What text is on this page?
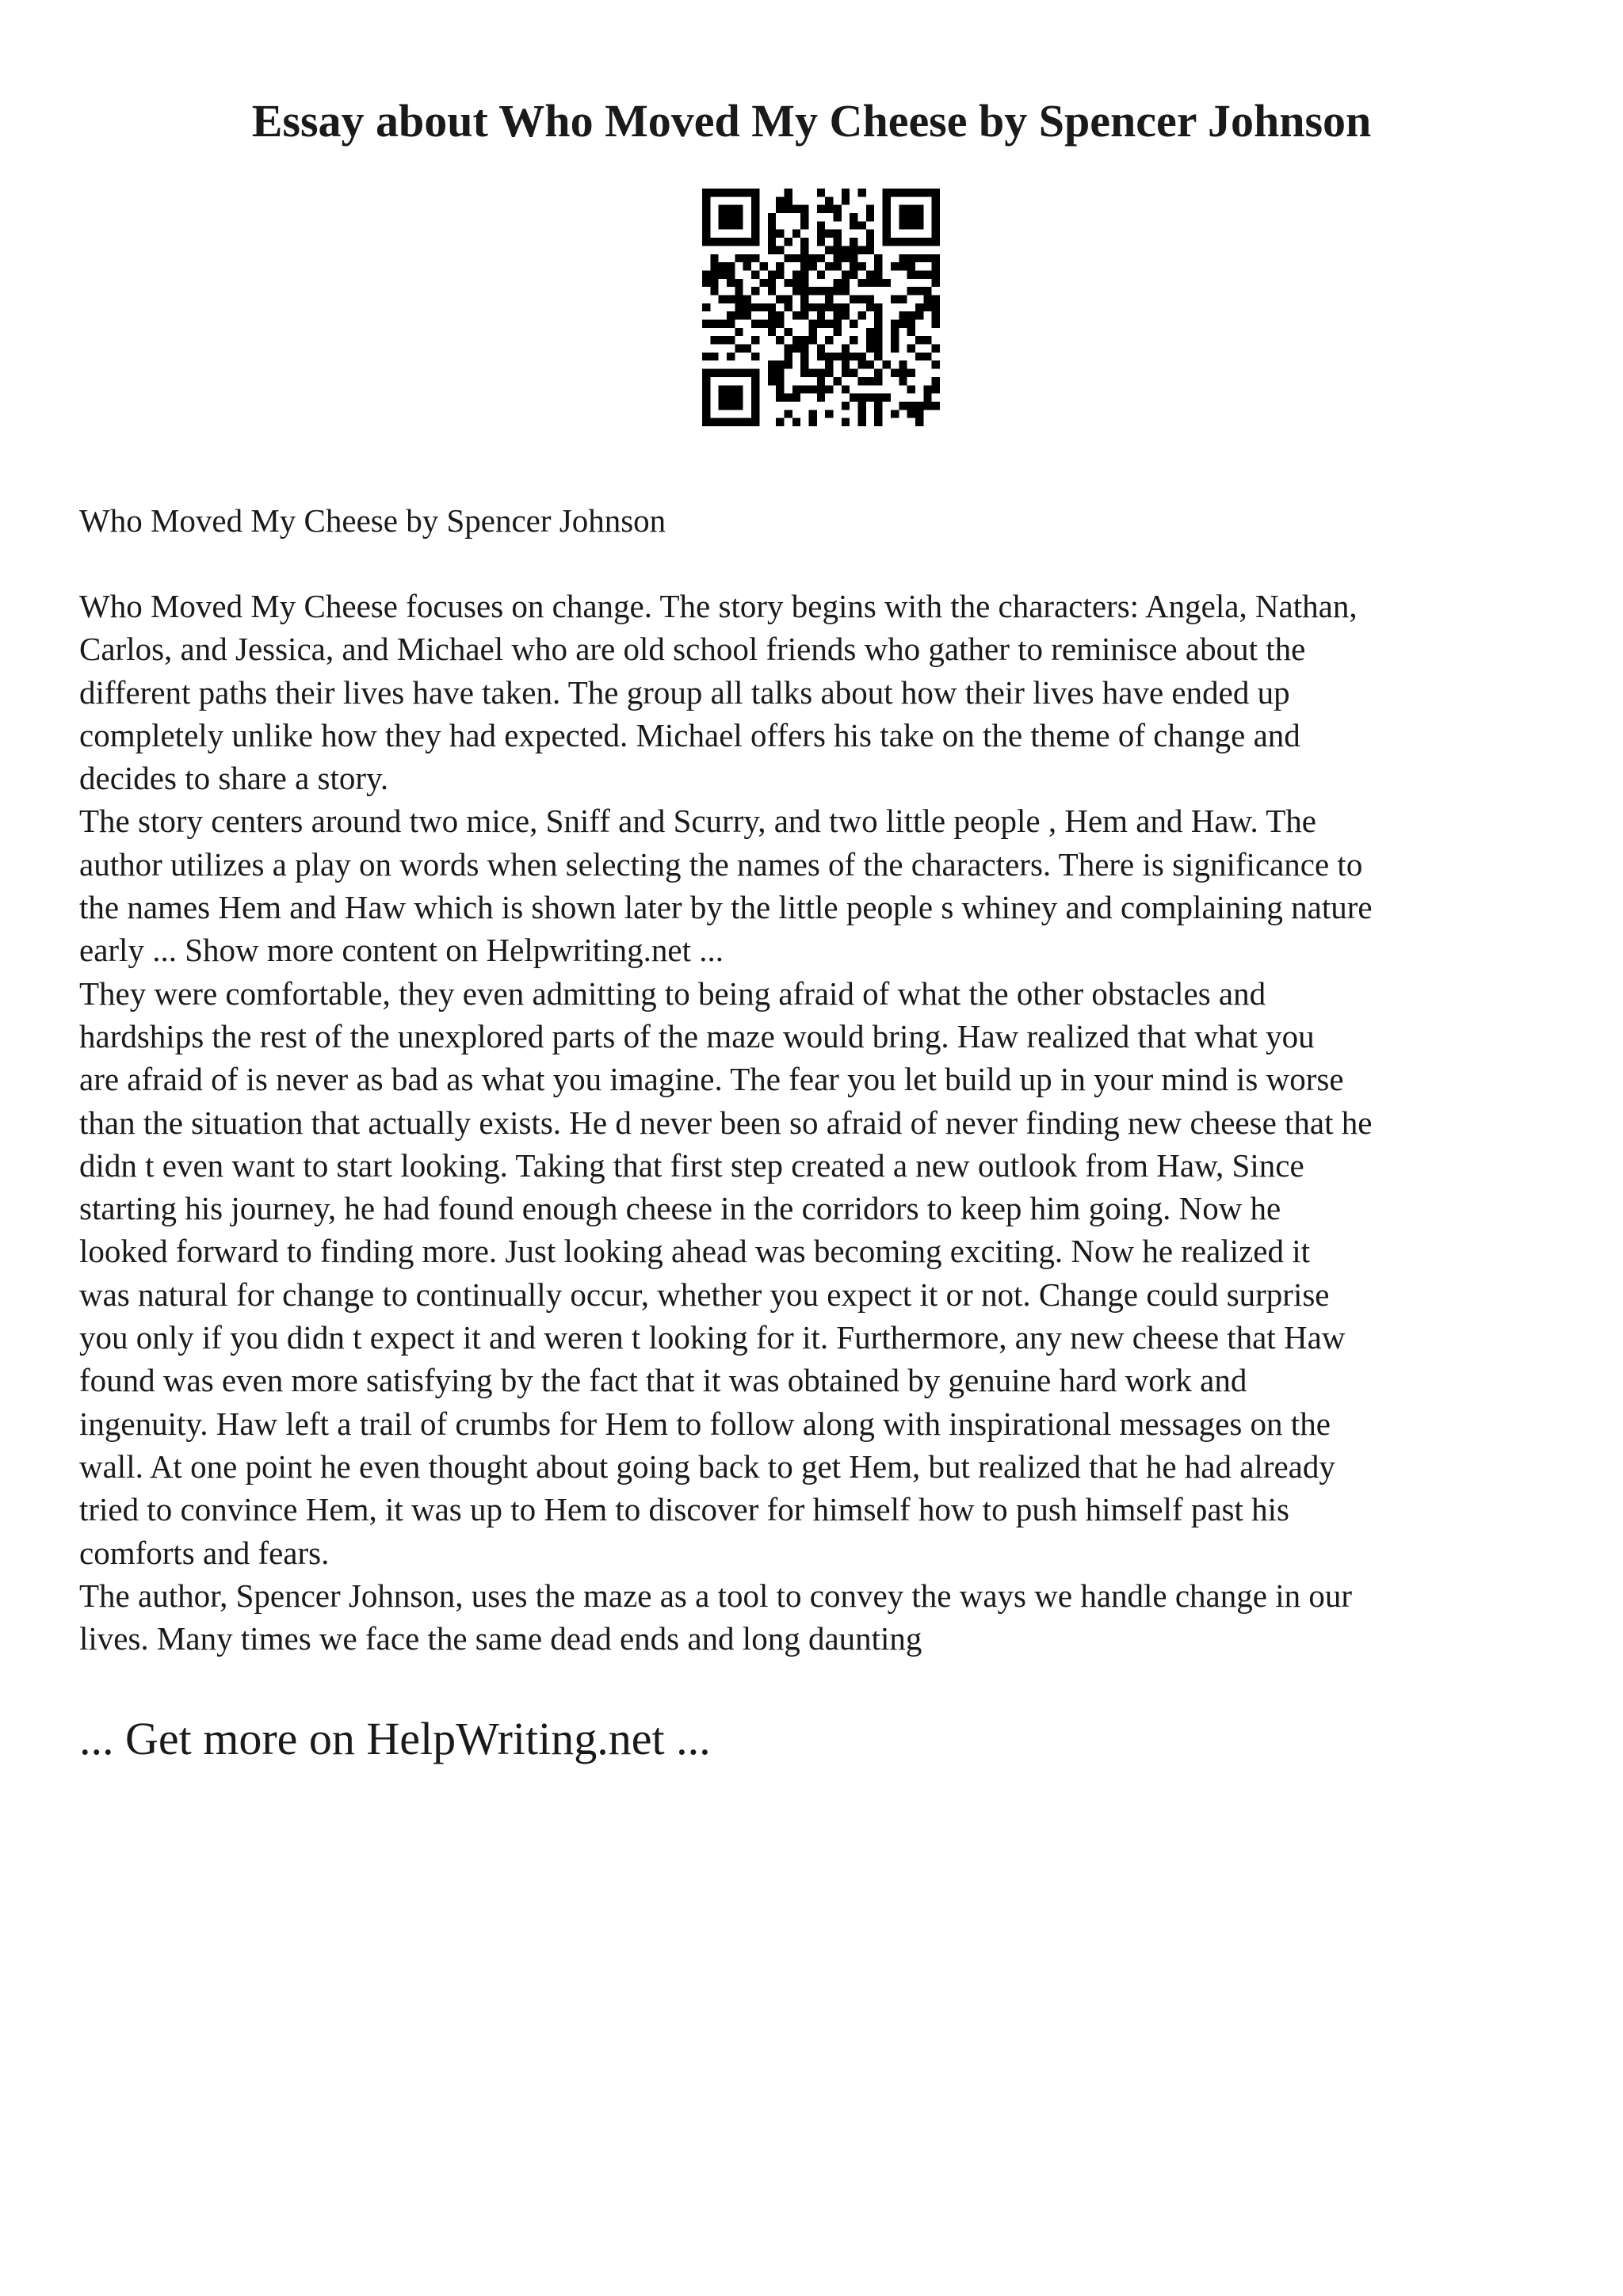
Essay about Who Moved My Cheese by Spencer Johnson

Who Moved My Cheese by Spencer Johnson

Who Moved My Cheese focuses on change. The story begins with the characters: Angela, Nathan,
Carlos, and Jessica, and Michael who are old school friends who gather to reminisce about the
different paths their lives have taken. The group all talks about how their lives have ended up
completely unlike how they had expected. Michael offers his take on the theme of change and
decides to share a story.
The story centers around two mice, Sniff and Scurry, and two little people , Hem and Haw. The
author utilizes a play on words when selecting the names of the characters. There is significance to
the names Hem and Haw which is shown later by the little people s whiney and complaining nature
early ... Show more content on Helpwriting.net ...
They were comfortable, they even admitting to being afraid of what the other obstacles and
hardships the rest of the unexplored parts of the maze would bring. Haw realized that what you
are afraid of is never as bad as what you imagine. The fear you let build up in your mind is worse
than the situation that actually exists. He d never been so afraid of never finding new cheese that he
didn t even want to start looking. Taking that first step created a new outlook from Haw, Since
starting his journey, he had found enough cheese in the corridors to keep him going. Now he
looked forward to finding more. Just looking ahead was becoming exciting. Now he realized it
was natural for change to continually occur, whether you expect it or not. Change could surprise
you only if you didn t expect it and weren t looking for it. Furthermore, any new cheese that Haw
found was even more satisfying by the fact that it was obtained by genuine hard work and
ingenuity. Haw left a trail of crumbs for Hem to follow along with inspirational messages on the
wall. At one point he even thought about going back to get Hem, but realized that he had already
tried to convince Hem, it was up to Hem to discover for himself how to push himself past his
comforts and fears.
The author, Spencer Johnson, uses the maze as a tool to convey the ways we handle change in our
lives. Many times we face the same dead ends and long daunting
... Get more on HelpWriting.net ...
